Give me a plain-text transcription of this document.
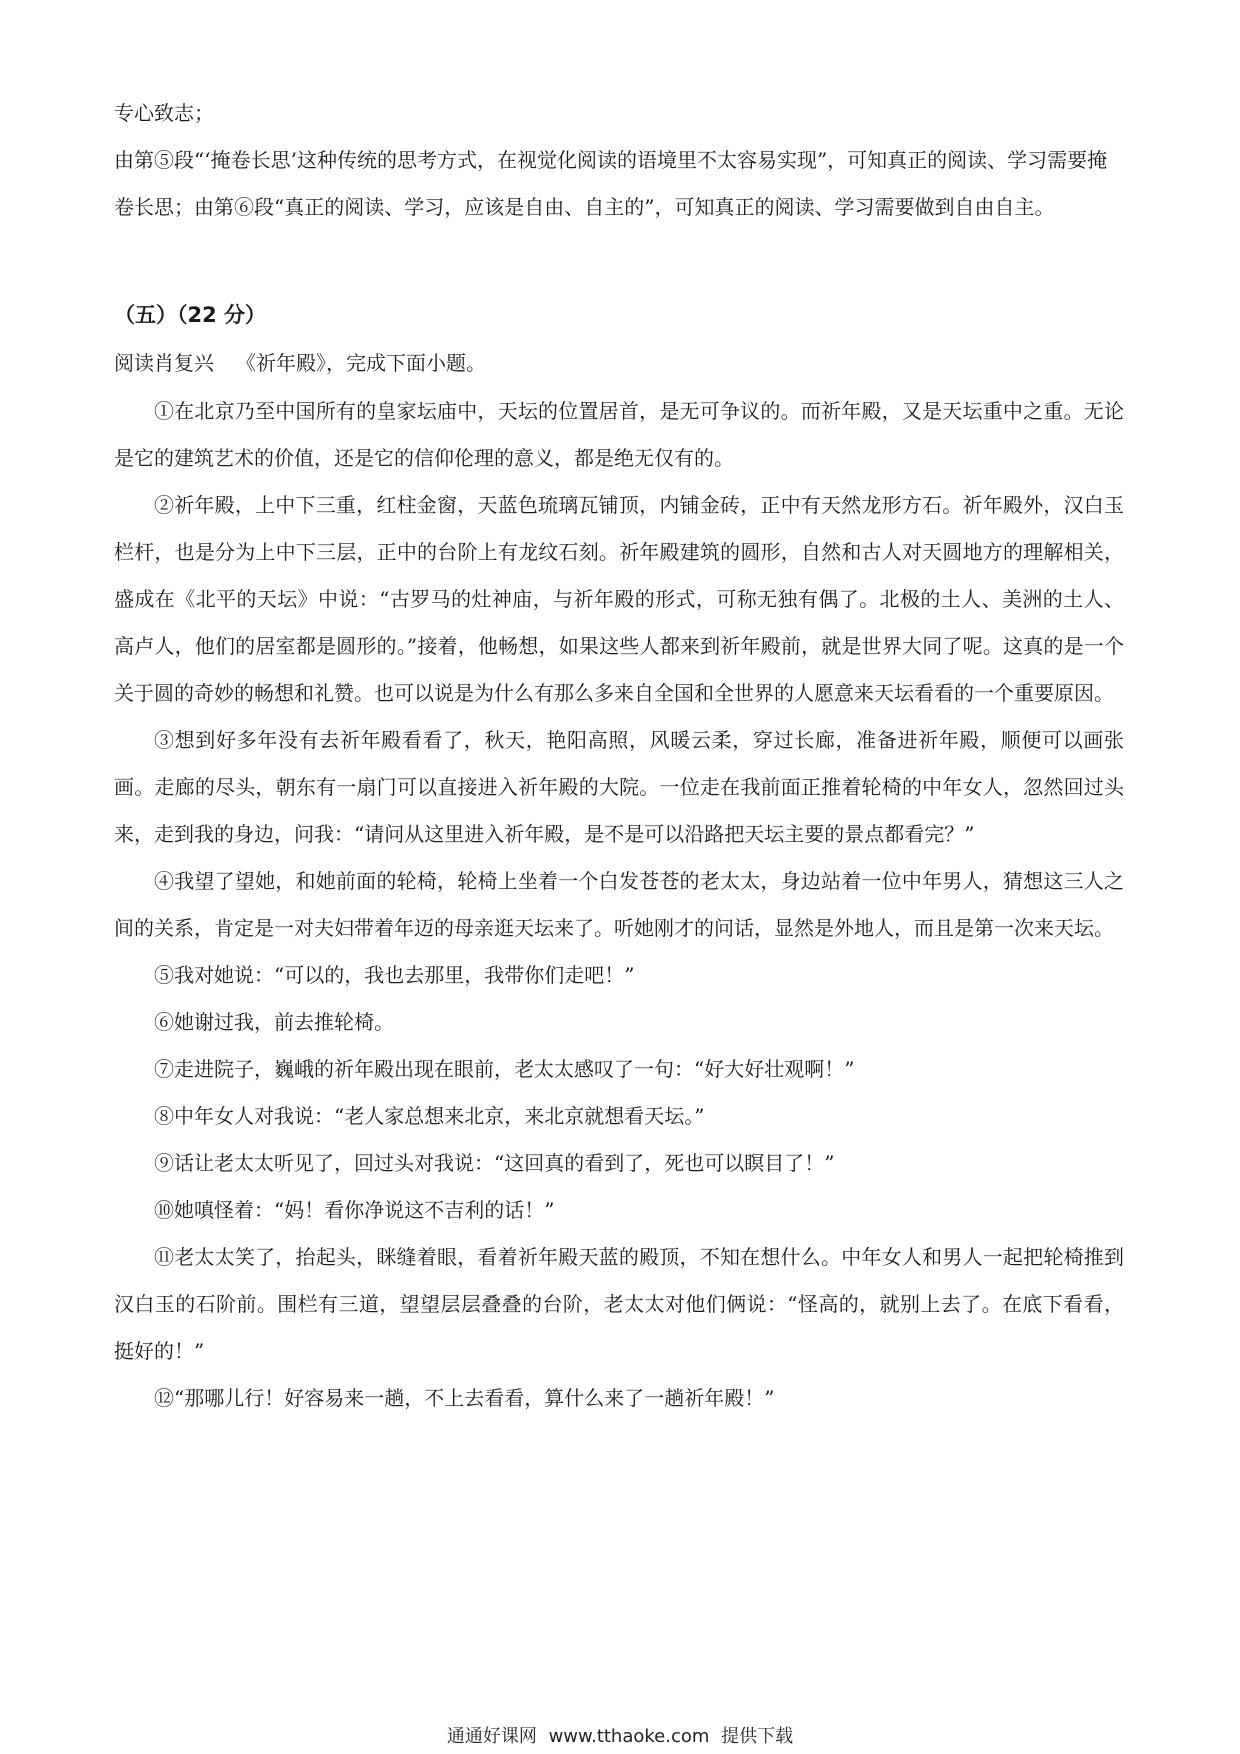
专心致志；

由第⑤段“‘掩卷长思’这种传统的思考方式，在视觉化阅读的语境里不太容易实现”，可知真正的阅读、学习需要掩卷长思；由第⑥段“真正的阅读、学习，应该是自由、自主的”，可知真正的阅读、学习需要做到自由自主。

（五）（22 分）
阅读肖复兴 《祈年殿》，完成下面小题。

①在北京乃至中国所有的皇家坛庙中，天坛的位置居首，是无可争议的。而祈年殿，又是天坛重中之重。无论是它的建筑艺术的价值，还是它的信仰伦理的意义，都是绝无仅有的。

②祈年殿，上中下三重，红柱金窗，天蓝色琉璃瓦铺顶，内铺金砖，正中有天然龙形方石。祈年殿外，汉白玉栏杆，也是分为上中下三层，正中的台阶上有龙纹石刻。祈年殿建筑的圆形，自然和古人对天圆地方的理解相关，盛成在《北平的天坛》中说：“古罗马的灶神庙，与祈年殿的形式，可称无独有偶了。北极的土人、美洲的土人、高卢人，他们的居室都是圆形的。”接着，他畅想，如果这些人都来到祈年殿前，就是世界大同了呢。这真的是一个关于圆的奇妙的畅想和礼赞。也可以说是为什么有那么多来自全国和全世界的人愿意来天坛看看的一个重要原因。

③想到好多年没有去祈年殿看看了，秋天，艳阳高照，风暖云柔，穿过长廊，准备进祈年殿，顺便可以画张画。走廊的尽头，朝东有一扇门可以直接进入祈年殿的大院。一位走在我前面正推着轮椅的中年女人，忽然回过头来，走到我的身边，问我：“请问从这里进入祈年殿，是不是可以沿路把天坛主要的景点都看完？”

④我望了望她，和她前面的轮椅，轮椅上坐着一个白发苍苍的老太太，身边站着一位中年男人，猜想这三人之间的关系，肯定是一对夫妇带着年迈的母亲逛天坛来了。听她刚才的问话，显然是外地人，而且是第一次来天坛。

⑤我对她说：“可以的，我也去那里，我带你们走吧！”

⑥她谢过我，前去推轮椅。

⑦走进院子，巍峨的祈年殿出现在眼前，老太太感叹了一句：“好大好壮观啊！”

⑧中年女人对我说：“老人家总想来北京，来北京就想看天坛。”

⑨话让老太太听见了，回过头对我说：“这回真的看到了，死也可以瞑目了！”

⑩她嗔怪着：“妈！看你净说这不吉利的话！”

⑪老太太笑了，抬起头，眯缝着眼，看着祈年殿天蓝的殿顶，不知在想什么。中年女人和男人一起把轮椅推到汉白玉的石阶前。围栏有三道，望望层层叠叠的台阶，老太太对他们俩说：“怪高的，就别上去了。在底下看看，挺好的！”

⑫“那哪儿行！好容易来一趟，不上去看看，算什么来了一趟祈年殿！”

通通好课网 www.tthaoke.com 提供下载
